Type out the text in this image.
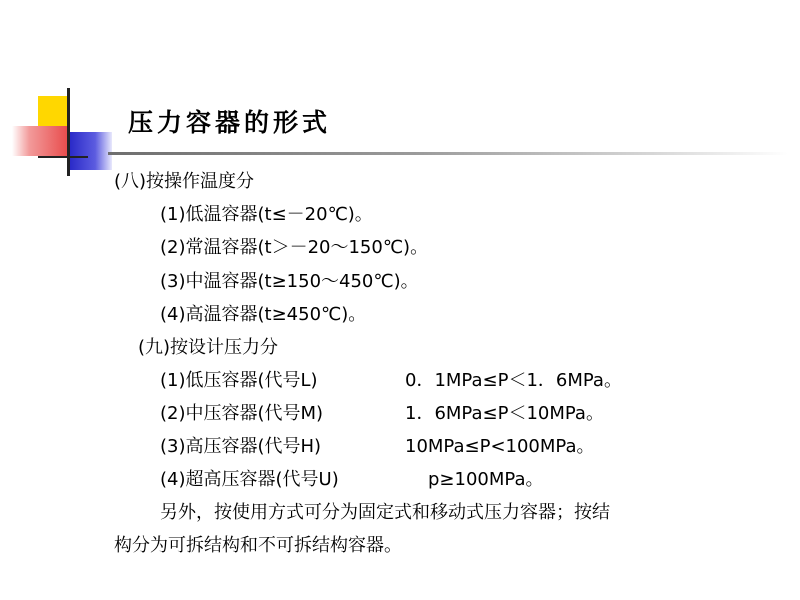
压力容器的形式
(八)按操作温度分
(1)低温容器(t≤－20℃)。
(2)常温容器(t＞－20～150℃)。
(3)中温容器(t≥150～450℃)。
(4)高温容器(t≥450℃)。
(九)按设计压力分
(1)低压容器(代号L)	0．1MPa≤P＜1．6MPa。
(2)中压容器(代号M)	1．6MPa≤P＜10MPa。
(3)高压容器(代号H)	10MPa≤P<100MPa。
(4)超高压容器(代号U)	p≥100MPa。
另外，按使用方式可分为固定式和移动式压力容器；按结
构分为可拆结构和不可拆结构容器。
